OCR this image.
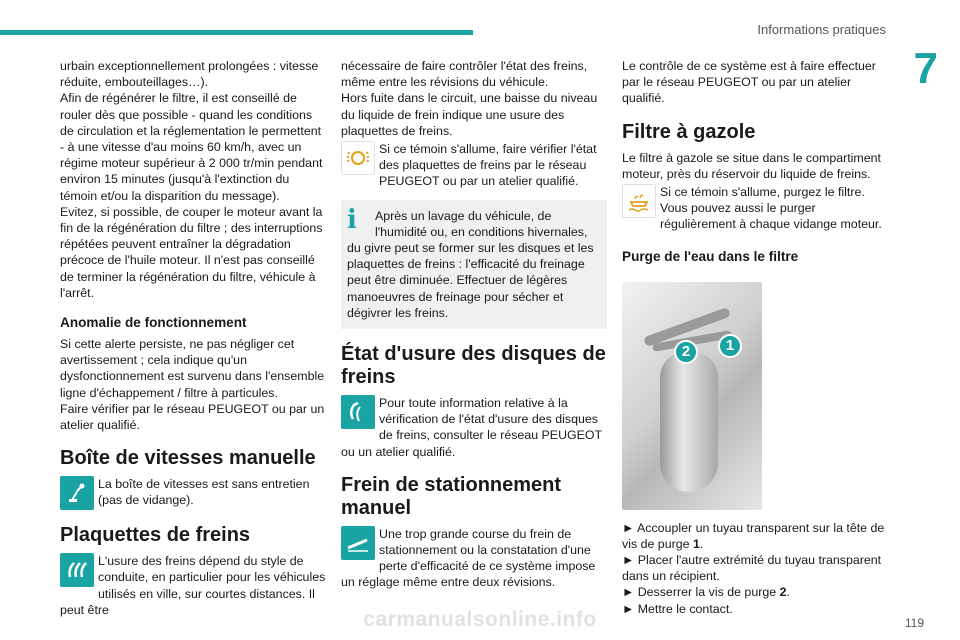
Informations pratiques
7

urbain exceptionnellement prolongées : vitesse réduite, embouteillages…).

Afin de régénérer le filtre, il est conseillé de rouler dès que possible - quand les conditions de circulation et la réglementation le permettent - à une vitesse d'au moins 60 km/h, avec un régime moteur supérieur à 2 000 tr/min pendant environ 15 minutes (jusqu'à l'extinction du témoin et/ou la disparition du message).

Evitez, si possible, de couper le moteur avant la fin de la régénération du filtre ; des interruptions répétées peuvent entraîner la dégradation précoce de l'huile moteur. Il n'est pas conseillé de terminer la régénération du filtre, véhicule à l'arrêt.

Anomalie de fonctionnement

Si cette alerte persiste, ne pas négliger cet avertissement ; cela indique qu'un dysfonctionnement est survenu dans l'ensemble ligne d'échappement / filtre à particules.

Faire vérifier par le réseau PEUGEOT ou par un atelier qualifié.

Boîte de vitesses manuelle

La boîte de vitesses est sans entretien (pas de vidange).

Plaquettes de freins

L'usure des freins dépend du style de conduite, en particulier pour les véhicules utilisés en ville, sur courtes distances. Il peut être

nécessaire de faire contrôler l'état des freins, même entre les révisions du véhicule.

Hors fuite dans le circuit, une baisse du niveau du liquide de frein indique une usure des plaquettes de freins.

Si ce témoin s'allume, faire vérifier l'état des plaquettes de freins par le réseau PEUGEOT ou par un atelier qualifié.

i	Après un lavage du véhicule, de l'humidité ou, en conditions hivernales, du givre peut se former sur les disques et les plaquettes de freins : l'efficacité du freinage peut être diminuée. Effectuer de légères manoeuvres de freinage pour sécher et dégivrer les freins.

État d'usure des disques de freins

Pour toute information relative à la vérification de l'état d'usure des disques de freins, consulter le réseau PEUGEOT ou un atelier qualifié.

Frein de stationnement manuel

Une trop grande course du frein de stationnement ou la constatation d'une perte d'efficacité de ce système impose un réglage même entre deux révisions.

Le contrôle de ce système est à faire effectuer par le réseau PEUGEOT ou par un atelier qualifié.

Filtre à gazole

Le filtre à gazole se situe dans le compartiment moteur, près du réservoir du liquide de freins.

Si ce témoin s'allume, purgez le filtre. Vous pouvez aussi le purger régulièrement à chaque vidange moteur.

Purge de l'eau dans le filtre
2	1

► Accoupler un tuyau transparent sur la tête de vis de purge 1.

► Placer l'autre extrémité du tuyau transparent dans un récipient.

► Desserrer la vis de purge 2.

► Mettre le contact.

carmanualsonline.info	119
